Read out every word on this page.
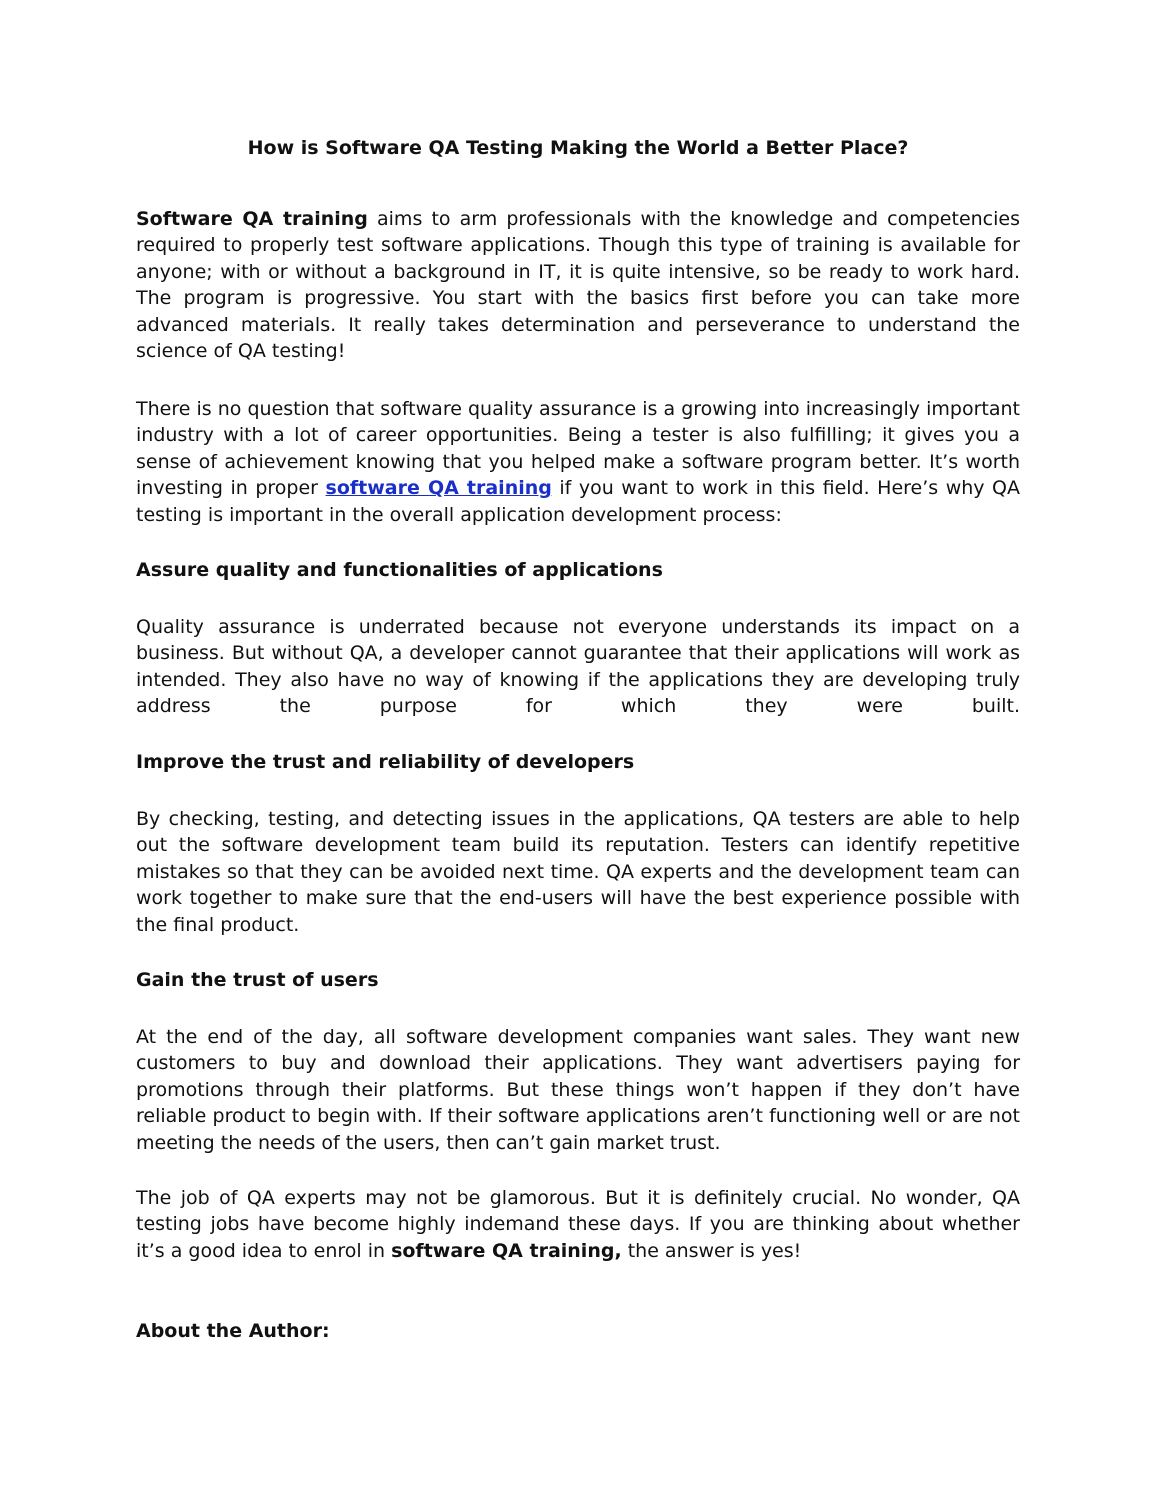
How is Software QA Testing Making the World a Better Place?

Software QA training aims to arm professionals with the knowledge and competencies required to properly test software applications. Though this type of training is available for anyone; with or without a background in IT, it is quite intensive, so be ready to work hard. The program is progressive. You start with the basics first before you can take more advanced materials. It really takes determination and perseverance to understand the science of QA testing!

There is no question that software quality assurance is a growing into increasingly important industry with a lot of career opportunities. Being a tester is also fulfilling; it gives you a sense of achievement knowing that you helped make a software program better. It’s worth investing in proper software QA training if you want to work in this field. Here’s why QA testing is important in the overall application development process:

Assure quality and functionalities of applications

Quality assurance is underrated because not everyone understands its impact on a business. But without QA, a developer cannot guarantee that their applications will work as intended. They also have no way of knowing if the applications they are developing truly address the purpose for which they were built.

Improve the trust and reliability of developers

By checking, testing, and detecting issues in the applications, QA testers are able to help out the software development team build its reputation. Testers can identify repetitive mistakes so that they can be avoided next time. QA experts and the development team can work together to make sure that the end-users will have the best experience possible with the final product.

Gain the trust of users

At the end of the day, all software development companies want sales. They want new customers to buy and download their applications. They want advertisers paying for promotions through their platforms. But these things won’t happen if they don’t have reliable product to begin with. If their software applications aren’t functioning well or are not meeting the needs of the users, then can’t gain market trust.

The job of QA experts may not be glamorous. But it is definitely crucial. No wonder, QA testing jobs have become highly indemand these days. If you are thinking about whether it’s a good idea to enrol in software QA training, the answer is yes!

About the Author:
